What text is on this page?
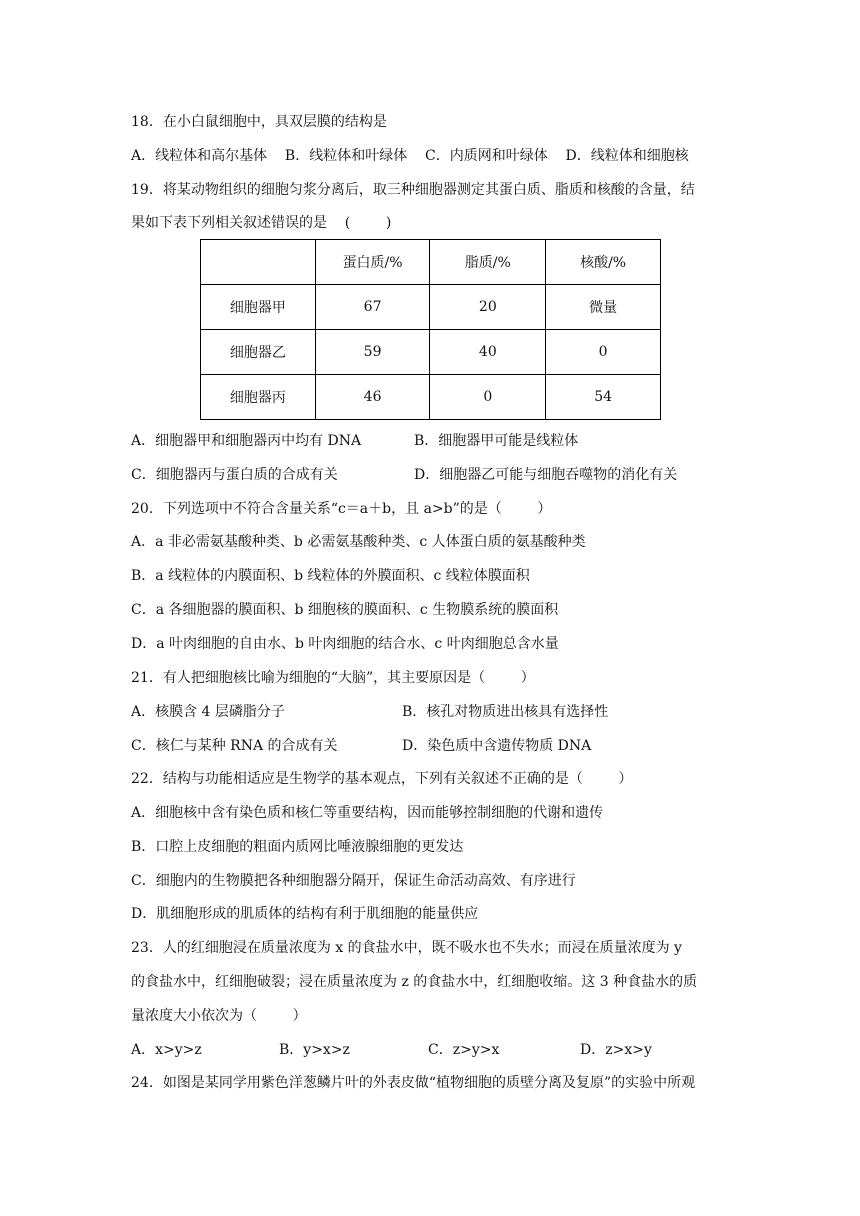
18．在小白鼠细胞中，具双层膜的结构是
A．线粒体和高尔基体    B．线粒体和叶绿体    C．内质网和叶绿体    D．线粒体和细胞核
19．将某动物组织的细胞匀浆分离后，取三种细胞器测定其蛋白质、脂质和核酸的含量，结
果如下表下列相关叙述错误的是    (        )
	蛋白质/%	脂质/%	核酸/%
细胞器甲	67	20	微量
细胞器乙	59	40	0
细胞器丙	46	0	54
A．细胞器甲和细胞器丙中均有 DNA	B．细胞器甲可能是线粒体
C．细胞器丙与蛋白质的合成有关	D．细胞器乙可能与细胞吞噬物的消化有关
20．下列选项中不符合含量关系“c＝a＋b，且 a>b”的是（        ）
A．a 非必需氨基酸种类、b 必需氨基酸种类、c 人体蛋白质的氨基酸种类
B．a 线粒体的内膜面积、b 线粒体的外膜面积、c 线粒体膜面积
C．a 各细胞器的膜面积、b 细胞核的膜面积、c 生物膜系统的膜面积
D．a 叶肉细胞的自由水、b 叶肉细胞的结合水、c 叶肉细胞总含水量
21．有人把细胞核比喻为细胞的“大脑”，其主要原因是（        ）
A．核膜含 4 层磷脂分子	B．核孔对物质进出核具有选择性
C．核仁与某种 RNA 的合成有关	D．染色质中含遗传物质 DNA
22．结构与功能相适应是生物学的基本观点，下列有关叙述不正确的是（        ）
A．细胞核中含有染色质和核仁等重要结构，因而能够控制细胞的代谢和遗传
B．口腔上皮细胞的粗面内质网比唾液腺细胞的更发达
C．细胞内的生物膜把各种细胞器分隔开，保证生命活动高效、有序进行
D．肌细胞形成的肌质体的结构有利于肌细胞的能量供应
23．人的红细胞浸在质量浓度为 x 的食盐水中，既不吸水也不失水；而浸在质量浓度为 y
的食盐水中，红细胞破裂；浸在质量浓度为 z 的食盐水中，红细胞收缩。这 3 种食盐水的质
量浓度大小依次为（        ）
A．x>y>z	B．y>x>z	C．z>y>x	D．z>x>y
24．如图是某同学用紫色洋葱鳞片叶的外表皮做“植物细胞的质壁分离及复原”的实验中所观
